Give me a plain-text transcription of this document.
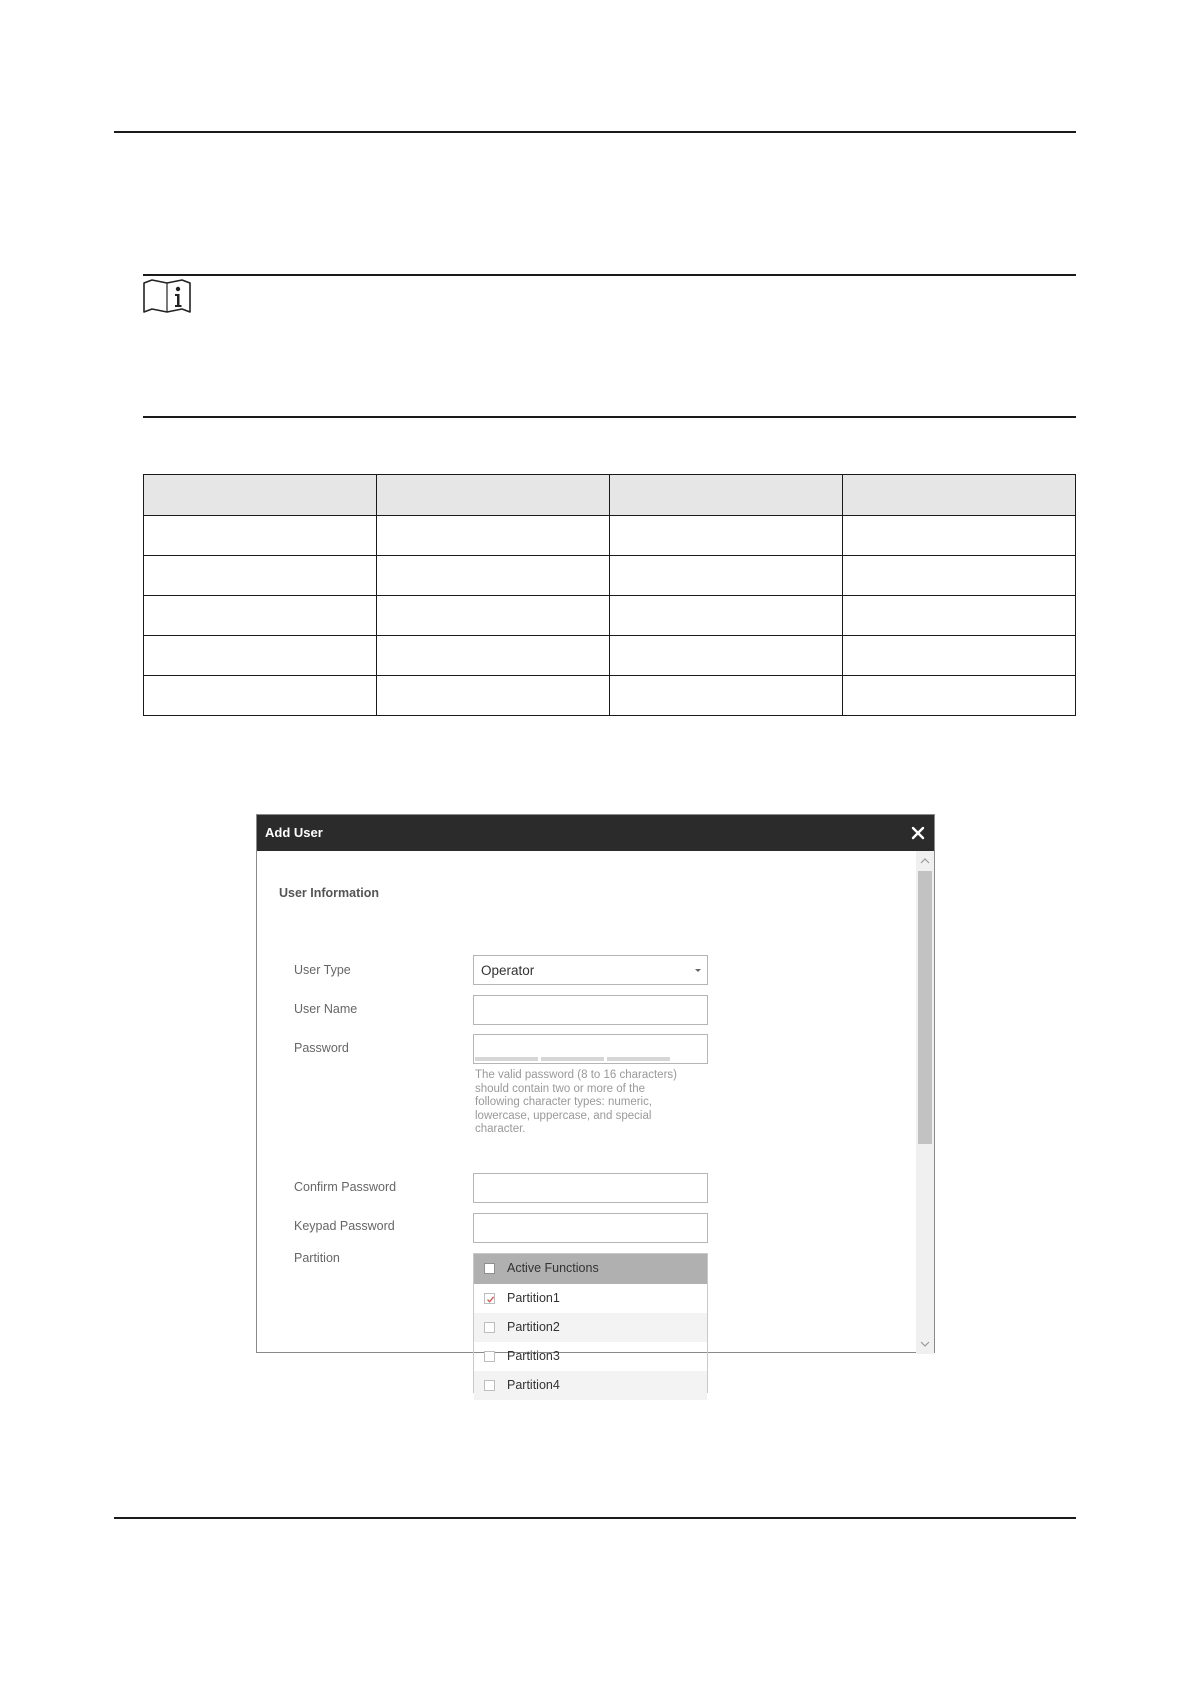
Add User
User Information
User Type	Operator
User Name
Password
The valid password (8 to 16 characters) should contain two or more of the following character types: numeric, lowercase, uppercase, and special character.
Confirm Password
Keypad Password
Partition
Active Functions
Partition1
Partition2
Partition3
Partition4
